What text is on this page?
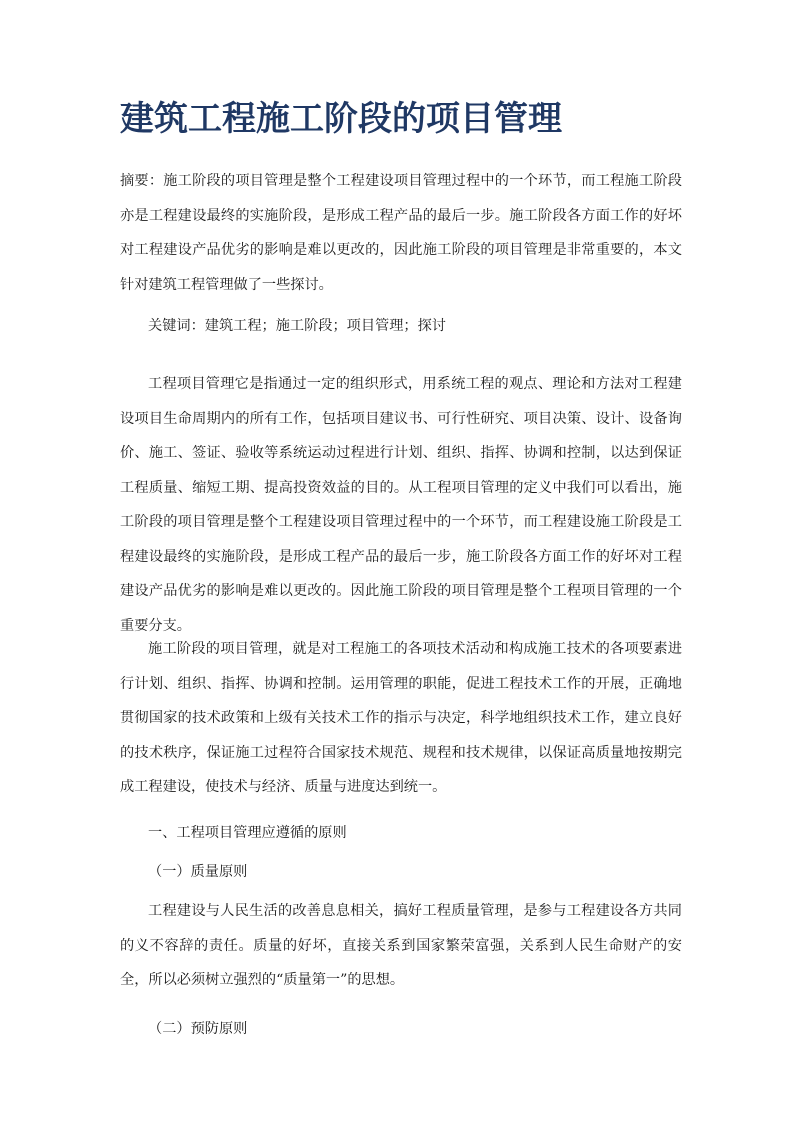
建筑工程施工阶段的项目管理

摘要：施工阶段的项目管理是整个工程建设项目管理过程中的一个环节，而工程施工阶段亦是工程建设最终的实施阶段，是形成工程产品的最后一步。施工阶段各方面工作的好坏对工程建设产品优劣的影响是难以更改的，因此施工阶段的项目管理是非常重要的，本文针对建筑工程管理做了一些探讨。

关键词：建筑工程；施工阶段；项目管理；探讨

工程项目管理它是指通过一定的组织形式，用系统工程的观点、理论和方法对工程建设项目生命周期内的所有工作，包括项目建议书、可行性研究、项目决策、设计、设备询价、施工、签证、验收等系统运动过程进行计划、组织、指挥、协调和控制，以达到保证工程质量、缩短工期、提高投资效益的目的。从工程项目管理的定义中我们可以看出，施工阶段的项目管理是整个工程建设项目管理过程中的一个环节，而工程建设施工阶段是工程建设最终的实施阶段，是形成工程产品的最后一步，施工阶段各方面工作的好坏对工程建设产品优劣的影响是难以更改的。因此施工阶段的项目管理是整个工程项目管理的一个重要分支。

施工阶段的项目管理，就是对工程施工的各项技术活动和构成施工技术的各项要素进行计划、组织、指挥、协调和控制。运用管理的职能，促进工程技术工作的开展，正确地贯彻国家的技术政策和上级有关技术工作的指示与决定，科学地组织技术工作，建立良好的技术秩序，保证施工过程符合国家技术规范、规程和技术规律，以保证高质量地按期完成工程建设，使技术与经济、质量与进度达到统一。

一、工程项目管理应遵循的原则

（一）质量原则

工程建设与人民生活的改善息息相关，搞好工程质量管理，是参与工程建设各方共同的义不容辞的责任。质量的好坏，直接关系到国家繁荣富强，关系到人民生命财产的安全，所以必须树立强烈的“质量第一”的思想。

（二）预防原则
